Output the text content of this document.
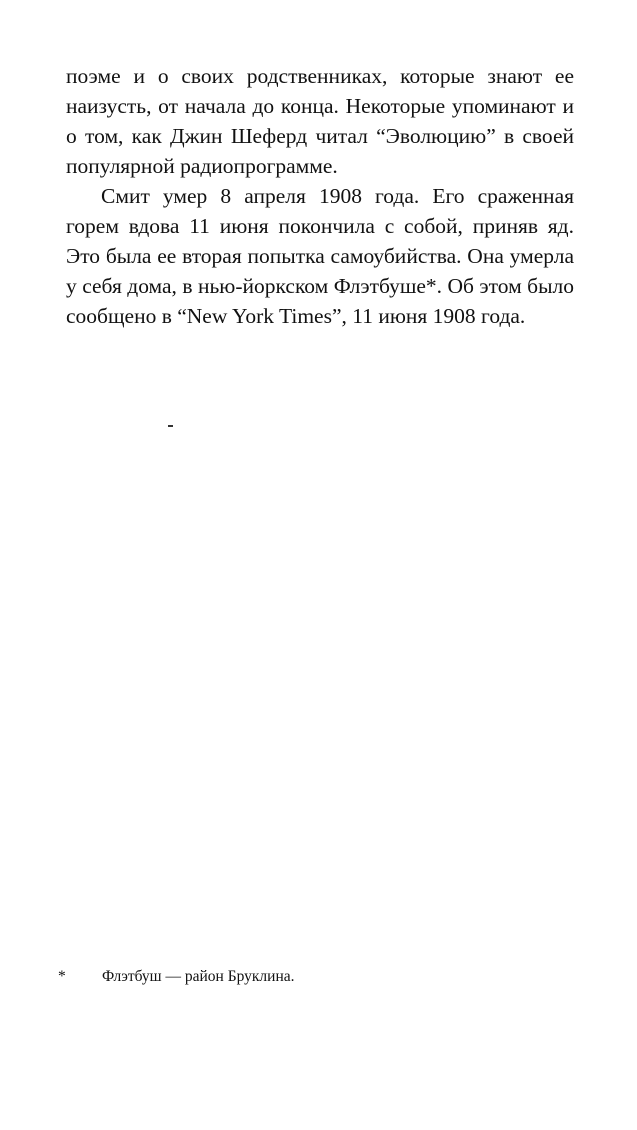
поэме и о своих родственниках, которые знают ее наизусть, от начала до конца. Некоторые упоминают и о том, как Джин Шеферд читал “Эволюцию” в своей популярной радиопрограмме.

Смит умер 8 апреля 1908 года. Его сраженная горем вдова 11 июня покончила с собой, приняв яд. Это была ее вторая попытка самоубийства. Она умерла у себя дома, в нью-йоркском Флэтбуше*. Об этом было сообщено в “New York Times”, 11 июня 1908 года.

*	Флэтбуш — район Бруклина.
